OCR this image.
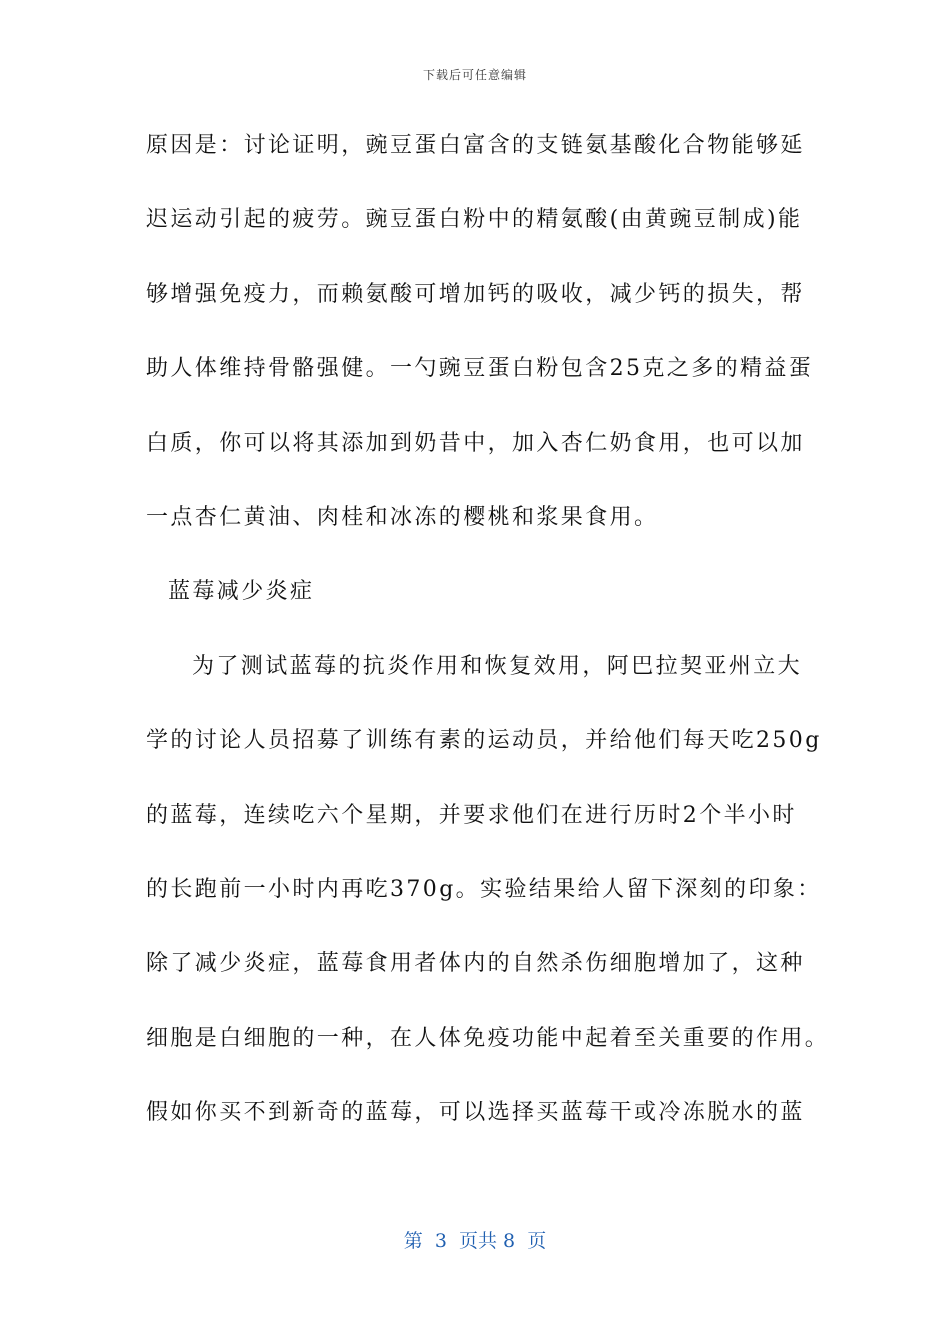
下载后可任意编辑
原因是：讨论证明，豌豆蛋白富含的支链氨基酸化合物能够延
迟运动引起的疲劳。豌豆蛋白粉中的精氨酸(由黄豌豆制成)能
够增强免疫力，而赖氨酸可增加钙的吸收，减少钙的损失，帮
助人体维持骨骼强健。一勺豌豆蛋白粉包含25克之多的精益蛋
白质，你可以将其添加到奶昔中，加入杏仁奶食用，也可以加
一点杏仁黄油、肉桂和冰冻的樱桃和浆果食用。
蓝莓减少炎症
为了测试蓝莓的抗炎作用和恢复效用，阿巴拉契亚州立大
学的讨论人员招募了训练有素的运动员，并给他们每天吃250g
的蓝莓，连续吃六个星期，并要求他们在进行历时2个半小时
的长跑前一小时内再吃370g。实验结果给人留下深刻的印象：
除了减少炎症，蓝莓食用者体内的自然杀伤细胞增加了，这种
细胞是白细胞的一种，在人体免疫功能中起着至关重要的作用。
假如你买不到新奇的蓝莓，可以选择买蓝莓干或冷冻脱水的蓝
第  3  页共 8  页
